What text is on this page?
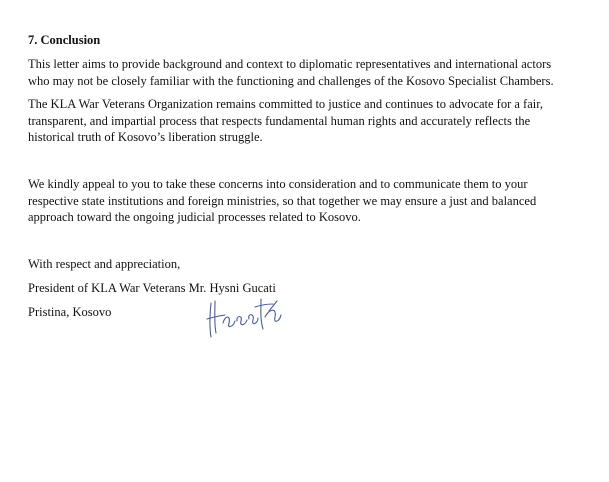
7. Conclusion

This letter aims to provide background and context to diplomatic representatives and international actors
who may not be closely familiar with the functioning and challenges of the Kosovo Specialist Chambers.

The KLA War Veterans Organization remains committed to justice and continues to advocate for a fair,
transparent, and impartial process that respects fundamental human rights and accurately reflects the
historical truth of Kosovo’s liberation struggle.

We kindly appeal to you to take these concerns into consideration and to communicate them to your
respective state institutions and foreign ministries, so that together we may ensure a just and balanced
approach toward the ongoing judicial processes related to Kosovo.

With respect and appreciation,
President of KLA War Veterans Mr. Hysni Gucati
Pristina, Kosovo
